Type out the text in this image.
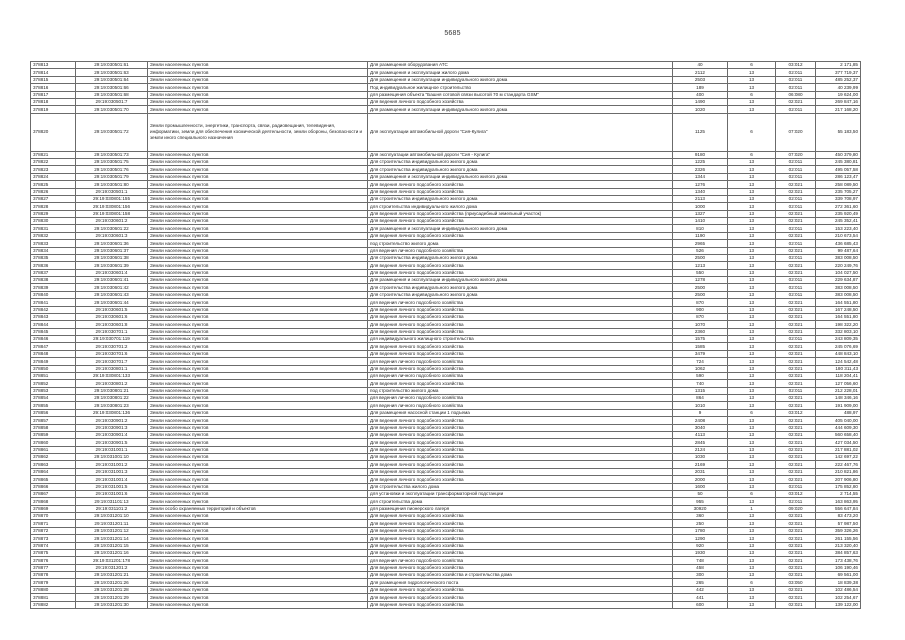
5685
378813	29:19:030501:61	Земли населенных пунктов	Для размещения оборудования АТС	40	6	03:012	2 171,85
378814	29:19:030501:63	Земли населенных пунктов	Для размещения и эксплуатации жилого дома	2112	13	02:011	377 719,37
378815	29:19:030501:64	Земли населенных пунктов	Для размещения и эксплуатации индивидуального жилого дома	2503	13	02:011	485 252,37
378816	29:19:030501:66	Земли населенных пунктов	Под индивидуальное жилищное строительство	189	13	02:011	40 239,99
378817	29:19:030501:68	Земли населенных пунктов	для размещения объекта "Башня сотовой связи высотой 70 м стандарта GSM"	400	6	06:080	19 624,00
378818	29:19:030501:7	Земли населенных пунктов	Для ведения личного подсобного хозяйства	1490	13	02:021	269 847,16
378819	29:19:030501:70	Земли населенных пунктов	Для размещения и эксплуатации индивидуального жилого дома	1020	13	02:011	217 168,20
378820	29:19:030501:72	Земли промышленности, энергетики, транспорта, связи, радиовещания, телевидения, информатики, земли для обеспечения космической деятельности, земли обороны, безопасности и земли иного специального назначения	Для эксплуатации автомобильной дороги "Сия-Кулига"	1125	6	07:020	55 183,50
378821	29:19:030501:73	Земли населенных пунктов	Для эксплуатации автомобильной дороги "Сия - Кулига"	9180	6	07:020	450 379,80
378822	29:19:030501:75	Земли населенных пунктов	Для строительства индивидуального жилого дома	1225	13	02:011	245 380,81
378823	29:19:030501:76	Земли населенных пунктов	Для строительства индивидуального жилого дома	2326	13	02:011	495 057,58
378824	29:19:030501:79	Земли населенных пунктов	Для размещения и эксплуатации индивидуального жилого дома	1344	13	02:011	286 123,47
378825	29:19:030501:80	Земли населенных пунктов	Для ведения личного подсобного хозяйства	1276	13	02:021	258 089,50
378826	29:19:030501:1	Земли населенных пунктов	Для ведения личного подсобного хозяйства	1340	13	02:021	235 705,27
378827	29:19:030801:155	Земли населенных пунктов	Для строительства индивидуального жилого дома	2113	13	02:011	339 708,97
378828	29:19:030801:156	Земли населенных пунктов	для строительства индивидуального жилого дома	1000	13	02:011	272 361,60
378829	29:19:030801:158	Земли населенных пунктов	Для ведения личного подсобного хозяйства (приусадебный земельный участок)	1327	13	02:021	235 920,49
378830	29:19:030601:2	Земли населенных пунктов	Для ведения личного подсобного хозяйства	1410	13	02:021	245 352,41
378831	29:19:030601:22	Земли населенных пунктов	Для размещения и эксплуатации индивидуального жилого дома	810	13	02:011	153 223,40
378832	29:19:030601:3	Земли населенных пунктов	Для ведения личного подсобного хозяйства	1190	13	02:021	210 673,54
378833	29:19:030601:36	Земли населенных пунктов	под строительство жилого дома	2965	13	02:011	436 685,43
378834	29:19:030601:37	Земли населенных пунктов	для ведения личного подсобного хозяйства	526	13	02:021	99 487,64
378835	29:19:030601:38	Земли населенных пунктов	Для строительства индивидуального жилого дома	2500	13	02:011	383 008,50
378836	29:19:030601:39	Земли населенных пунктов	Для ведения личного подсобного хозяйства	1213	13	02:021	220 249,76
378837	29:19:030601:4	Земли населенных пунктов	Для ведения личного подсобного хозяйства	550	13	02:021	104 027,50
378838	29:19:030601:41	Земли населенных пунктов	Для размещения и эксплуатации индивидуального жилого дома	1278	13	02:011	229 634,87
378839	29:19:030601:42	Земли населенных пунктов	Для строительства индивидуального жилого дома	2500	13	02:011	383 008,50
378840	29:19:030601:43	Земли населенных пунктов	Для строительства индивидуального жилого дома	2500	13	02:011	383 008,50
378841	29:19:030601:44	Земли населенных пунктов	для ведения личного подсобного хозяйства	870	13	02:021	164 551,80
378842	29:19:030601:5	Земли населенных пунктов	Для ведения личного подсобного хозяйства	900	13	02:021	167 248,50
378843	29:19:030601:6	Земли населенных пунктов	Для ведения личного подсобного хозяйства	870	13	02:021	164 551,80
378844	29:19:030601:8	Земли населенных пунктов	Для ведения личного подсобного хозяйства	1070	13	02:021	198 322,20
378845	29:19:030701:1	Земли населенных пунктов	Для ведения личного подсобного хозяйства	2360	13	02:021	332 803,10
378846	29:19:030701:119	Земли населенных пунктов	для индивидуального жилищного строительства	1575	13	02:011	243 809,35
378847	29:19:030701:2	Земли населенных пунктов	Для ведения личного подсобного хозяйства	1585	13	02:021	245 076,69
378848	29:19:030701:6	Земли населенных пунктов	Для ведения личного подсобного хозяйства	3479	13	02:021	448 843,10
378849	29:19:030701:7	Земли населенных пунктов	для ведения личного подсобного хозяйства	724	13	02:021	124 542,48
378850	29:19:030801:1	Земли населенных пунктов	Для ведения личного подсобного хозяйства	1062	13	02:021	180 311,43
378851	29:19:030801:133	Земли населенных пунктов	для ведения личного подсобного хозяйства	590	13	02:021	118 204,41
378852	29:19:030801:2	Земли населенных пунктов	Для ведения личного подсобного хозяйства	740	13	02:021	127 056,60
378853	29:19:030801:21	Земли населенных пунктов	под строительство жилого дома	1315	13	02:011	212 228,01
378854	29:19:030801:22	Земли населенных пунктов	для ведения личного подсобного хозяйства	864	13	02:021	148 346,16
378855	29:19:030801:23	Земли населенных пунктов	для ведения личного подсобного хозяйства	1010	13	02:021	191 909,00
378856	29:19:030801:136	Земли населенных пунктов	Для размещения насосной станции 1 подъема	9	6	03:012	488,97
378857	29:19:030901:2	Земли населенных пунктов	Для ведения личного подсобного хозяйства	2408	13	02:021	405 040,00
378858	29:19:030901:3	Земли населенных пунктов	Для ведения личного подсобного хозяйства	3040	13	02:021	444 609,30
378859	29:19:030901:4	Земли населенных пунктов	Для ведения личного подсобного хозяйства	4113	13	02:021	560 658,40
378860	29:19:030901:5	Земли населенных пунктов	Для ведения личного подсобного хозяйства	2845	13	02:021	427 034,50
378861	29:19:031001:1	Земли населенных пунктов	Для ведения личного подсобного хозяйства	2124	13	02:021	217 881,02
378862	29:19:031001:10	Земли населенных пунктов	Для ведения личного подсобного хозяйства	1030	13	02:021	142 697,22
378863	29:19:031001:2	Земли населенных пунктов	Для ведения личного подсобного хозяйства	2169	13	02:021	222 467,76
378864	29:19:031001:3	Земли населенных пунктов	Для ведения личного подсобного хозяйства	2031	13	02:021	210 821,86
378865	29:19:031001:4	Земли населенных пунктов	Для ведения личного подсобного хозяйства	2000	13	02:021	207 906,80
378866	29:19:031001:5	Земли населенных пунктов	Для строительства жилого дома	1600	13	02:011	175 852,80
378867	29:19:031001:6	Земли населенных пунктов	для установки и эксплуатации трансформаторной подстанции	50	6	03:012	2 714,55
378868	29:19:031101:13	Земли населенных пунктов	для строительства дома	955	13	02:011	163 863,95
378869	29:19:031101:2	Земли особо охраняемых территорий и объектов	для размещения пионерского лагеря	30920	1	09:020	556 647,84
378870	29:19:031201:10	Земли населенных пунктов	Для ведения личного подсобного хозяйства	360	13	02:021	83 473,20
378871	29:19:031201:11	Земли населенных пунктов	Для ведения личного подсобного хозяйства	250	13	02:021	57 987,50
378872	29:19:031201:12	Земли населенных пунктов	Для ведения личного подсобного хозяйства	1780	13	02:021	359 326,26
378873	29:19:031201:14	Земли населенных пунктов	Для ведения личного подсобного хозяйства	1290	13	02:021	261 155,56
378874	29:19:031201:15	Земли населенных пунктов	Для ведения личного подсобного хозяйства	920	13	02:021	213 320,40
378875	29:19:031201:16	Земли населенных пунктов	Для ведения личного подсобного хозяйства	1930	13	02:021	384 857,63
378876	29:19:031201:178	Земли населенных пунктов	для ведения личного подсобного хозяйства	748	13	02:021	173 438,76
378877	29:19:031201:2	Земли населенных пунктов	Для ведения личного подсобного хозяйства	458	13	02:021	106 190,46
378878	29:19:031201:21	Земли населенных пунктов	Для ведения личного подсобного хозяйства и строительства дома	300	13	02:021	69 561,00
378879	29:19:031201:26	Земли населенных пунктов	Для размещения гидрологического поста	265	6	03:050	18 839,38
378880	29:19:031201:28	Земли населенных пунктов	Для ведения личного подсобного хозяйства	442	13	02:021	102 486,54
378881	29:19:031201:29	Земли населенных пунктов	Для ведения личного подсобного хозяйства	441	13	02:021	102 254,67
378882	29:19:031201:30	Земли населенных пунктов	Для ведения личного подсобного хозяйства	600	13	02:021	139 122,00
